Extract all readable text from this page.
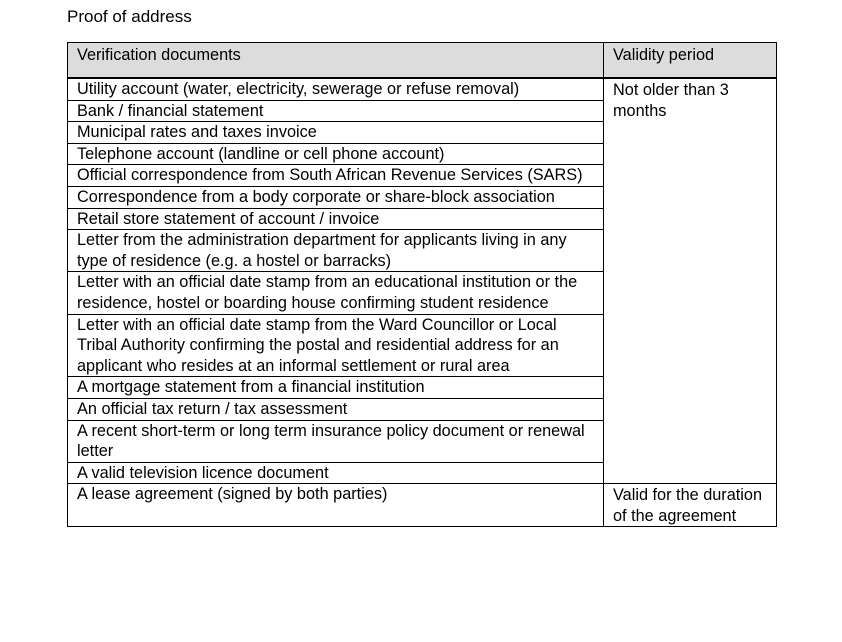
Proof of address
Verification documents	Validity period
Utility account (water, electricity, sewerage or refuse removal)	Not older than 3 months
Bank / financial statement	
Municipal rates and taxes invoice	
Telephone account (landline or cell phone account)	
Official correspondence from South African Revenue Services (SARS)	
Correspondence from a body corporate or share-block association	
Retail store statement of account / invoice	
Letter from the administration department for applicants living in any type of residence (e.g. a hostel or barracks)	
Letter with an official date stamp from an educational institution or the residence, hostel or boarding house confirming student residence	
Letter with an official date stamp from the Ward Councillor or Local Tribal Authority confirming the postal and residential address for an applicant who resides at an informal settlement or rural area	
A mortgage statement from a financial institution	
An official tax return / tax assessment	
A recent short-term or long term insurance policy document or renewal letter	
A valid television licence document	
A lease agreement (signed by both parties)	Valid for the duration of the agreement
